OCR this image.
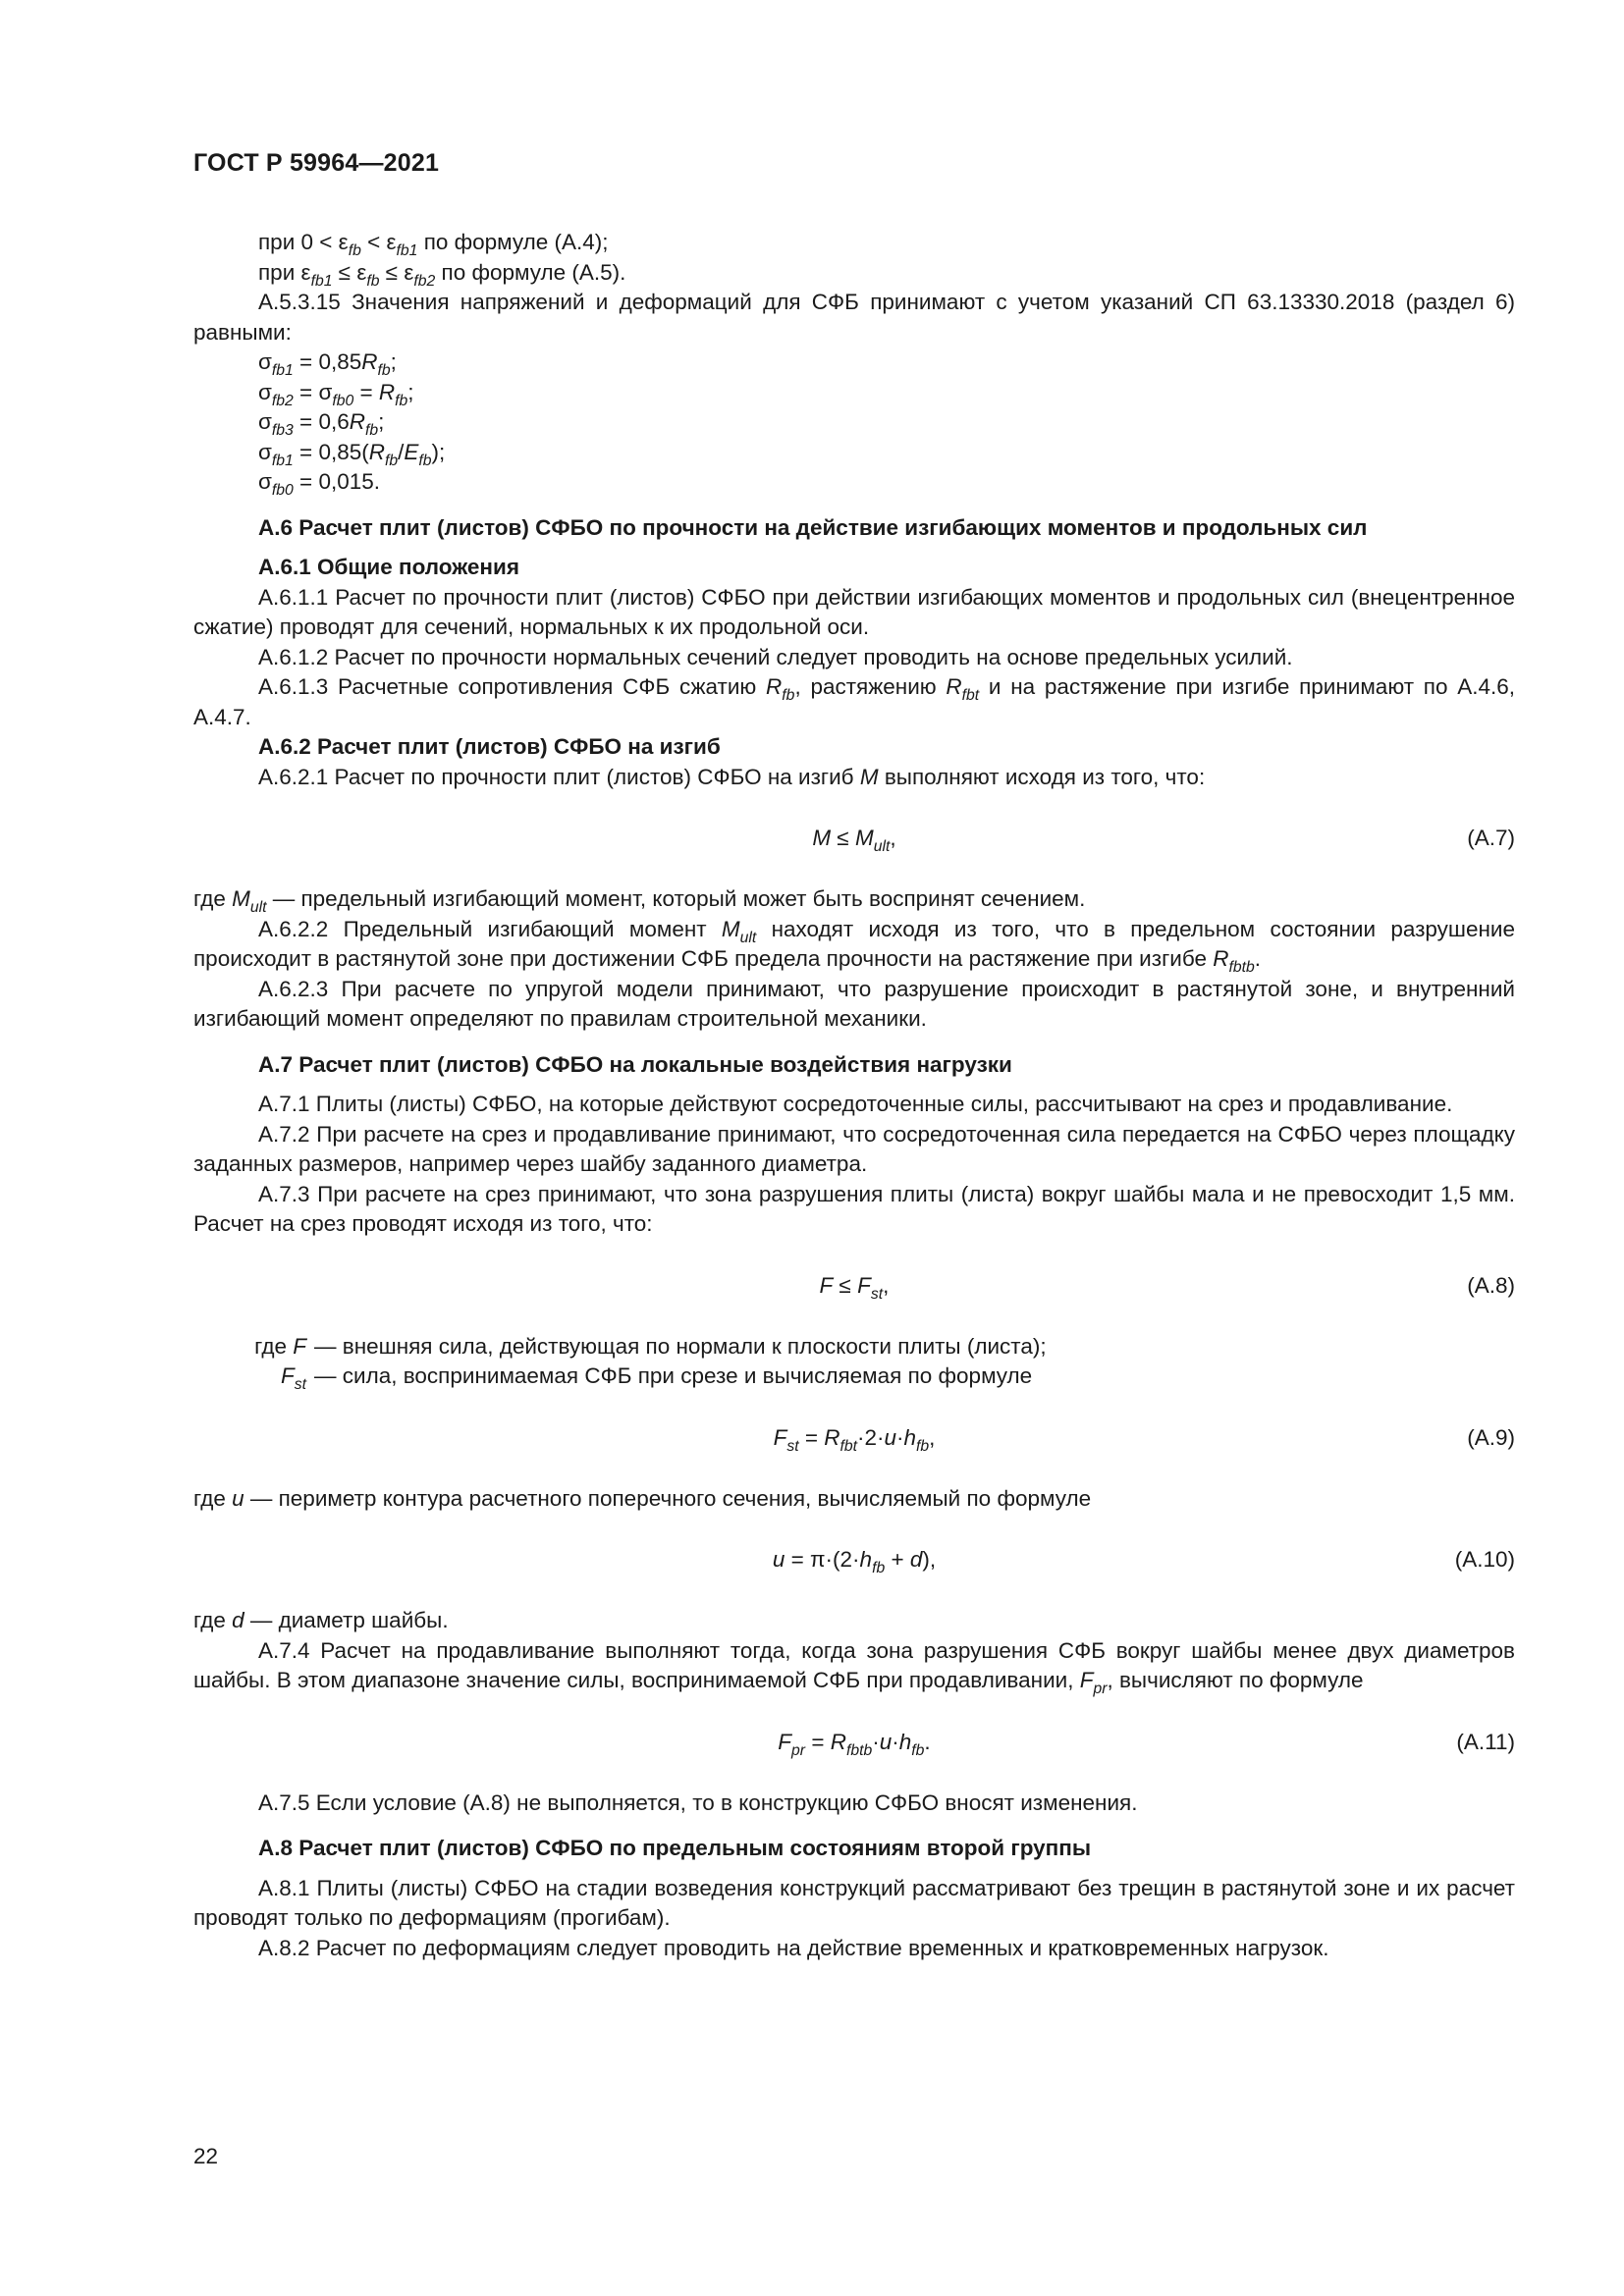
ГОСТ Р 59964—2021

при $0 < \varepsilon_{fb} < \varepsilon_{fb1}$ по формуле (А.4);

при $\varepsilon_{fb1} \le \varepsilon_{fb} \le \varepsilon_{fb2}$ по формуле (А.5).

А.5.3.15 Значения напряжений и деформаций для СФБ принимают с учетом указаний СП 63.13330.2018 (раздел 6) равными:

$\sigma_{fb1} = 0,85R_{fb}$;

$\sigma_{fb2} = \sigma_{fb0} = R_{fb}$;

$\sigma_{fb3} = 0,6R_{fb}$;

$\sigma_{fb1} = 0,85(R_{fb}/E_{fb})$;

$\sigma_{fb0} = 0,015$.

А.6 Расчет плит (листов) СФБО по прочности на действие изгибающих моментов и продольных сил

А.6.1 Общие положения

А.6.1.1 Расчет по прочности плит (листов) СФБО при действии изгибающих моментов и продольных сил (внецентренное сжатие) проводят для сечений, нормальных к их продольной оси.

А.6.1.2 Расчет по прочности нормальных сечений следует проводить на основе предельных усилий.

А.6.1.3 Расчетные сопротивления СФБ сжатию $R_{fb}$, растяжению $R_{fbt}$ и на растяжение при изгибе принимают по А.4.6, А.4.7.

А.6.2 Расчет плит (листов) СФБО на изгиб

А.6.2.1 Расчет по прочности плит (листов) СФБО на изгиб M выполняют исходя из того, что:

$M \le M_{ult}$,	(А.7)

где $M_{ult}$ — предельный изгибающий момент, который может быть воспринят сечением.

А.6.2.2 Предельный изгибающий момент $M_{ult}$ находят исходя из того, что в предельном состоянии разрушение происходит в растянутой зоне при достижении СФБ предела прочности на растяжение при изгибе $R_{fbtb}$.

А.6.2.3 При расчете по упругой модели принимают, что разрушение происходит в растянутой зоне, и внутренний изгибающий момент определяют по правилам строительной механики.

А.7 Расчет плит (листов) СФБО на локальные воздействия нагрузки

А.7.1 Плиты (листы) СФБО, на которые действуют сосредоточенные силы, рассчитывают на срез и продавливание.

А.7.2 При расчете на срез и продавливание принимают, что сосредоточенная сила передается на СФБО через площадку заданных размеров, например через шайбу заданного диаметра.

А.7.3 При расчете на срез принимают, что зона разрушения плиты (листа) вокруг шайбы мала и не превосходит 1,5 мм. Расчет на срез проводят исходя из того, что:

$F \le F_{st}$,	(А.8)
где F — внешняя сила, действующая по нормали к плоскости плиты (листа);
$F_{st}$ — сила, воспринимаемая СФБ при срезе и вычисляемая по формуле
$F_{st} = R_{fbt}\cdot 2\cdot u\cdot h_{fb}$,	(А.9)

где u — периметр контура расчетного поперечного сечения, вычисляемый по формуле

$u = \pi\cdot(2\cdot h_{fb} + d)$,	(А.10)

где d — диаметр шайбы.

А.7.4 Расчет на продавливание выполняют тогда, когда зона разрушения СФБ вокруг шайбы менее двух диаметров шайбы. В этом диапазоне значение силы, воспринимаемой СФБ при продавливании, $F_{pr}$, вычисляют по формуле

$F_{pr} = R_{fbtb}\cdot u\cdot h_{fb}$.	(А.11)

А.7.5 Если условие (А.8) не выполняется, то в конструкцию СФБО вносят изменения.

А.8 Расчет плит (листов) СФБО по предельным состояниям второй группы

А.8.1 Плиты (листы) СФБО на стадии возведения конструкций рассматривают без трещин в растянутой зоне и их расчет проводят только по деформациям (прогибам).

А.8.2 Расчет по деформациям следует проводить на действие временных и кратковременных нагрузок.

22
